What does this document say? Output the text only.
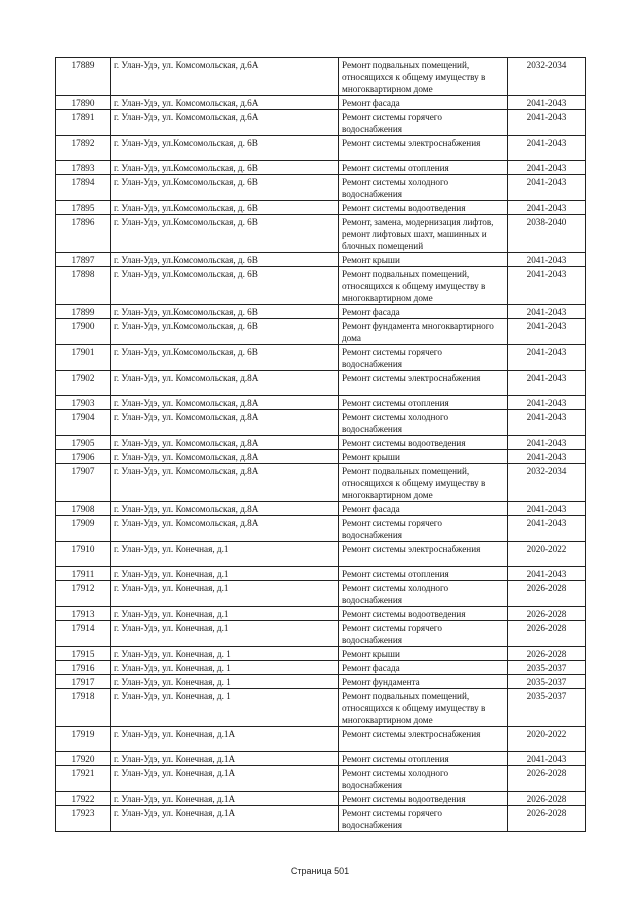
17889	г. Улан-Удэ, ул. Комсомольская, д.6А	Ремонт подвальных помещений, относящихся к общему имуществу в многоквартирном доме	2032-2034
17890	г. Улан-Удэ, ул. Комсомольская, д.6А	Ремонт фасада	2041-2043
17891	г. Улан-Удэ, ул. Комсомольская, д.6А	Ремонт системы горячего водоснабжения	2041-2043
17892	г. Улан-Удэ, ул.Комсомольская, д. 6В	Ремонт системы электроснабжения	2041-2043
17893	г. Улан-Удэ, ул.Комсомольская, д. 6В	Ремонт системы отопления	2041-2043
17894	г. Улан-Удэ, ул.Комсомольская, д. 6В	Ремонт системы холодного водоснабжения	2041-2043
17895	г. Улан-Удэ, ул.Комсомольская, д. 6В	Ремонт системы водоотведения	2041-2043
17896	г. Улан-Удэ, ул.Комсомольская, д. 6В	Ремонт, замена, модернизация лифтов, ремонт лифтовых шахт, машинных и блочных помещений	2038-2040
17897	г. Улан-Удэ, ул.Комсомольская, д. 6В	Ремонт крыши	2041-2043
17898	г. Улан-Удэ, ул.Комсомольская, д. 6В	Ремонт подвальных помещений, относящихся к общему имуществу в многоквартирном доме	2041-2043
17899	г. Улан-Удэ, ул.Комсомольская, д. 6В	Ремонт фасада	2041-2043
17900	г. Улан-Удэ, ул.Комсомольская, д. 6В	Ремонт фундамента многоквартирного дома	2041-2043
17901	г. Улан-Удэ, ул.Комсомольская, д. 6В	Ремонт системы горячего водоснабжения	2041-2043
17902	г. Улан-Удэ, ул. Комсомольская, д.8А	Ремонт системы электроснабжения	2041-2043
17903	г. Улан-Удэ, ул. Комсомольская, д.8А	Ремонт системы отопления	2041-2043
17904	г. Улан-Удэ, ул. Комсомольская, д.8А	Ремонт системы холодного водоснабжения	2041-2043
17905	г. Улан-Удэ, ул. Комсомольская, д.8А	Ремонт системы водоотведения	2041-2043
17906	г. Улан-Удэ, ул. Комсомольская, д.8А	Ремонт крыши	2041-2043
17907	г. Улан-Удэ, ул. Комсомольская, д.8А	Ремонт подвальных помещений, относящихся к общему имуществу в многоквартирном доме	2032-2034
17908	г. Улан-Удэ, ул. Комсомольская, д.8А	Ремонт фасада	2041-2043
17909	г. Улан-Удэ, ул. Комсомольская, д.8А	Ремонт системы горячего водоснабжения	2041-2043
17910	г. Улан-Удэ, ул. Конечная, д.1	Ремонт системы электроснабжения	2020-2022
17911	г. Улан-Удэ, ул. Конечная, д.1	Ремонт системы отопления	2041-2043
17912	г. Улан-Удэ, ул. Конечная, д.1	Ремонт системы холодного водоснабжения	2026-2028
17913	г. Улан-Удэ, ул. Конечная, д.1	Ремонт системы водоотведения	2026-2028
17914	г. Улан-Удэ, ул. Конечная, д.1	Ремонт системы горячего водоснабжения	2026-2028
17915	г. Улан-Удэ, ул. Конечная, д. 1	Ремонт крыши	2026-2028
17916	г. Улан-Удэ, ул. Конечная, д. 1	Ремонт фасада	2035-2037
17917	г. Улан-Удэ, ул. Конечная, д. 1	Ремонт фундамента	2035-2037
17918	г. Улан-Удэ, ул. Конечная, д. 1	Ремонт подвальных помещений, относящихся к общему имуществу в многоквартирном доме	2035-2037
17919	г. Улан-Удэ, ул. Конечная, д.1А	Ремонт системы электроснабжения	2020-2022
17920	г. Улан-Удэ, ул. Конечная, д.1А	Ремонт системы отопления	2041-2043
17921	г. Улан-Удэ, ул. Конечная, д.1А	Ремонт системы холодного водоснабжения	2026-2028
17922	г. Улан-Удэ, ул. Конечная, д.1А	Ремонт системы водоотведения	2026-2028
17923	г. Улан-Удэ, ул. Конечная, д.1А	Ремонт системы горячего водоснабжения	2026-2028
Страница 501
